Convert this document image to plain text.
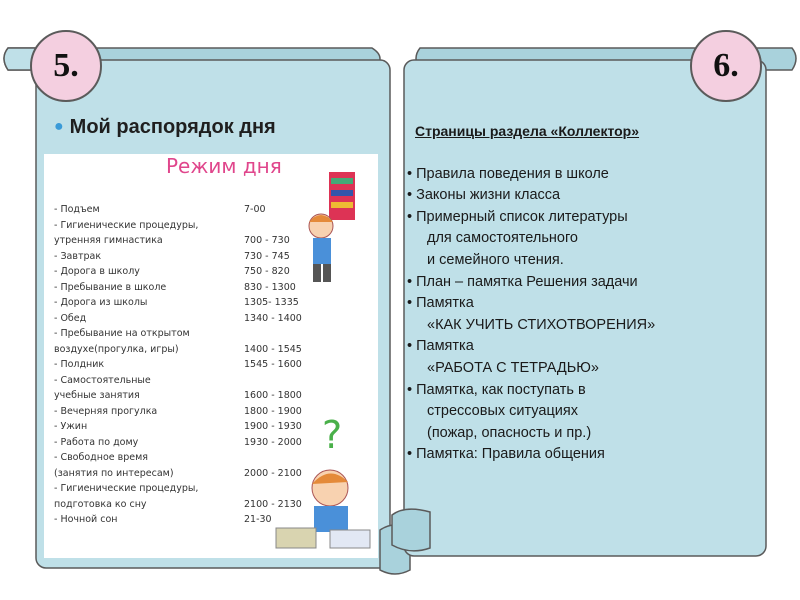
5.	6.
● Мой распорядок дня
Режим дня
?
- Подъем	7-00
- Гигиенические процедуры,
утренняя гимнастика	700 - 730
- Завтрак	730 - 745
- Дорога в школу	750 - 820
- Пребывание в школе	830 - 1300
- Дорога из школы	1305- 1335
- Обед	1340 - 1400
- Пребывание на открытом
воздухе(прогулка, игры)	1400 - 1545
- Полдник	1545 - 1600
- Самостоятельные
учебные занятия	1600 - 1800
- Вечерняя прогулка	1800 - 1900
- Ужин	1900 - 1930
- Работа по дому	1930 - 2000
- Свободное время
(занятия по интересам)	2000 - 2100
- Гигиенические процедуры,
подготовка ко сну	2100 - 2130
- Ночной сон	21-30
Страницы раздела «Коллектор»
• Правила поведения в школе
• Законы жизни класса
• Примерный список литературы
для самостоятельного
и семейного чтения.
• План – памятка Решения задачи
• Памятка
«КАК УЧИТЬ СТИХОТВОРЕНИЯ»
• Памятка
«РАБОТА С ТЕТРАДЬЮ»
• Памятка, как поступать в
стрессовых ситуациях
(пожар, опасность и пр.)
• Памятка: Правила общения
